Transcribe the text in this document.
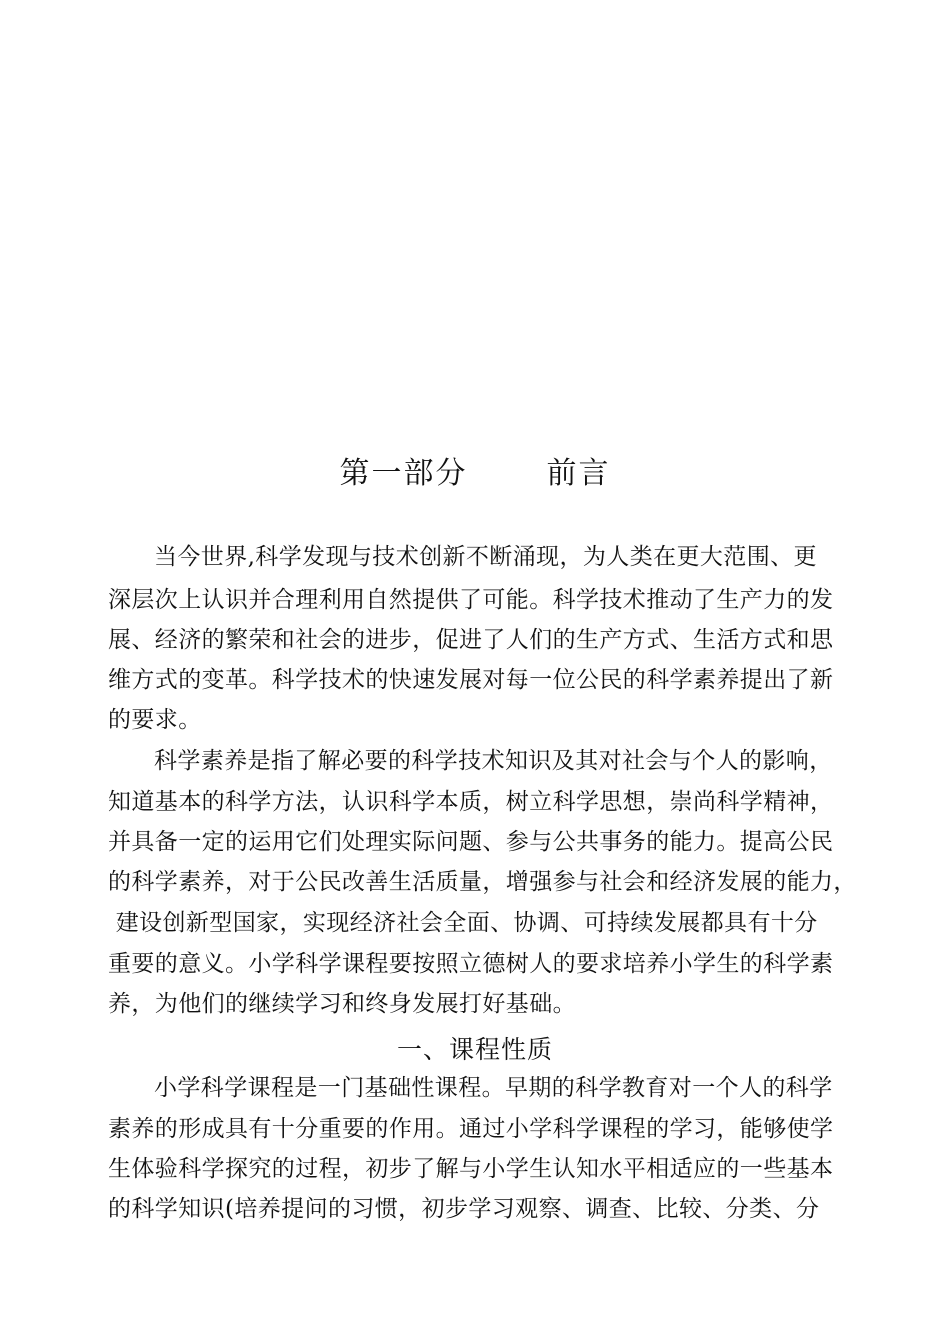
第一部分  前言
当今世界,科学发现与技术创新不断涌现，为人类在更大范围、更
深层次上认识并合理利用自然提供了可能。科学技术推动了生产力的发
展、经济的繁荣和社会的进步，促进了人们的生产方式、生活方式和思
维方式的变革。科学技术的快速发展对每一位公民的科学素养提出了新
的要求。
科学素养是指了解必要的科学技术知识及其对社会与个人的影响，
知道基本的科学方法，认识科学本质，树立科学思想，崇尚科学精神，
并具备一定的运用它们处理实际问题、参与公共事务的能力。提高公民
的科学素养，对于公民改善生活质量，增强参与社会和经济发展的能力，
建设创新型国家，实现经济社会全面、协调、可持续发展都具有十分
重要的意义。小学科学课程要按照立德树人的要求培养小学生的科学素
养，为他们的继续学习和终身发展打好基础。
一、课程性质
小学科学课程是一门基础性课程。早期的科学教育对一个人的科学
素养的形成具有十分重要的作用。通过小学科学课程的学习，能够使学
生体验科学探究的过程，初步了解与小学生认知水平相适应的一些基本
的科学知识(培养提问的习惯，初步学习观察、调查、比较、分类、分
